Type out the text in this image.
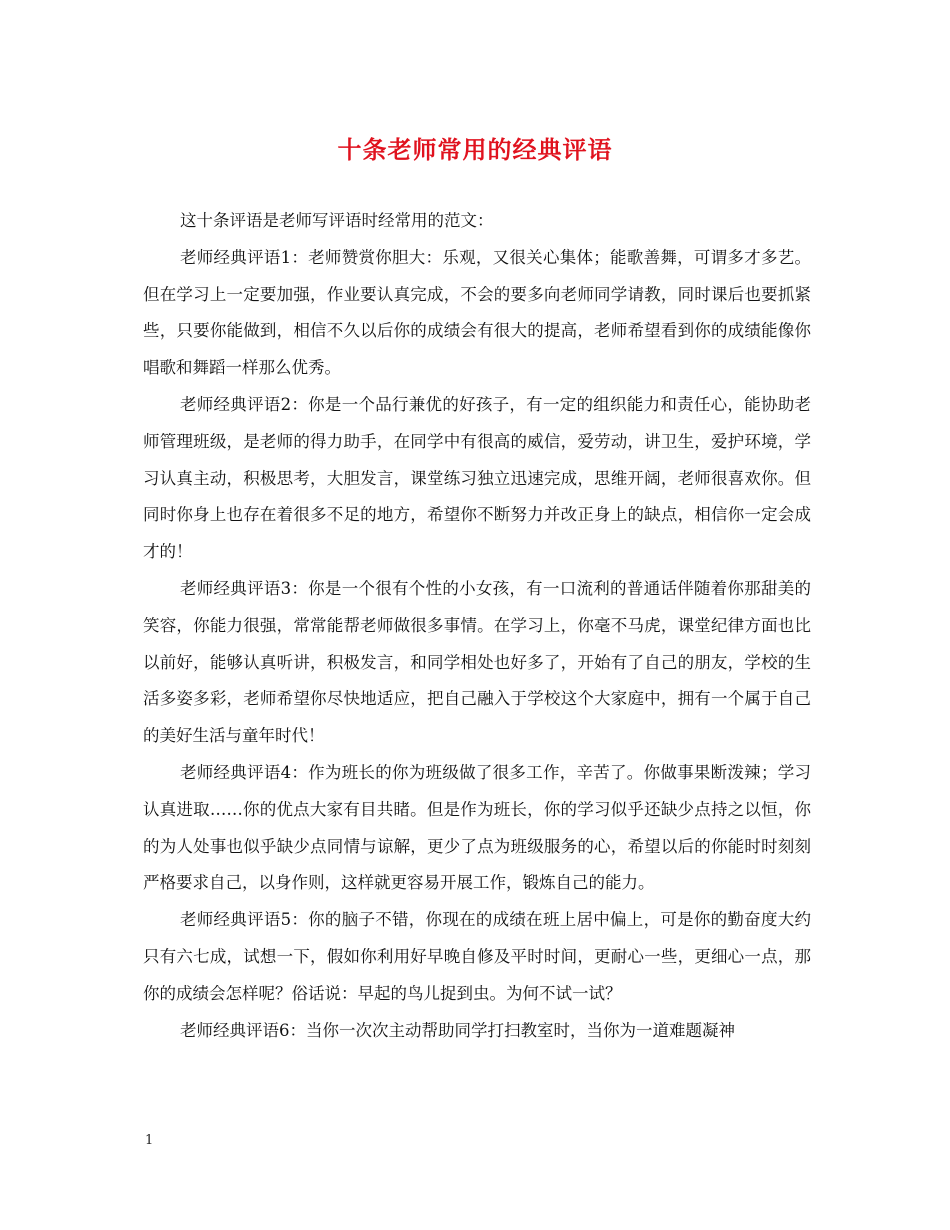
十条老师常用的经典评语

这十条评语是老师写评语时经常用的范文：

老师经典评语1：老师赞赏你胆大：乐观，又很关心集体；能歌善舞，可谓多才多艺。但在学习上一定要加强，作业要认真完成，不会的要多向老师同学请教，同时课后也要抓紧些，只要你能做到，相信不久以后你的成绩会有很大的提高，老师希望看到你的成绩能像你唱歌和舞蹈一样那么优秀。

老师经典评语2：你是一个品行兼优的好孩子，有一定的组织能力和责任心，能协助老师管理班级，是老师的得力助手，在同学中有很高的威信，爱劳动，讲卫生，爱护环境，学习认真主动，积极思考，大胆发言，课堂练习独立迅速完成，思维开阔，老师很喜欢你。但同时你身上也存在着很多不足的地方，希望你不断努力并改正身上的缺点，相信你一定会成才的！

老师经典评语3：你是一个很有个性的小女孩，有一口流利的普通话伴随着你那甜美的笑容，你能力很强，常常能帮老师做很多事情。在学习上，你毫不马虎，课堂纪律方面也比以前好，能够认真听讲，积极发言，和同学相处也好多了，开始有了自己的朋友，学校的生活多姿多彩，老师希望你尽快地适应，把自己融入于学校这个大家庭中，拥有一个属于自己的美好生活与童年时代！

老师经典评语4：作为班长的你为班级做了很多工作，辛苦了。你做事果断泼辣；学习认真进取……你的优点大家有目共睹。但是作为班长，你的学习似乎还缺少点持之以恒，你的为人处事也似乎缺少点同情与谅解，更少了点为班级服务的心，希望以后的你能时时刻刻严格要求自己，以身作则，这样就更容易开展工作，锻炼自己的能力。

老师经典评语5：你的脑子不错，你现在的成绩在班上居中偏上，可是你的勤奋度大约只有六七成，试想一下，假如你利用好早晚自修及平时时间，更耐心一些，更细心一点，那你的成绩会怎样呢？俗话说：早起的鸟儿捉到虫。为何不试一试？

老师经典评语6：当你一次次主动帮助同学打扫教室时，当你为一道难题凝神

1
